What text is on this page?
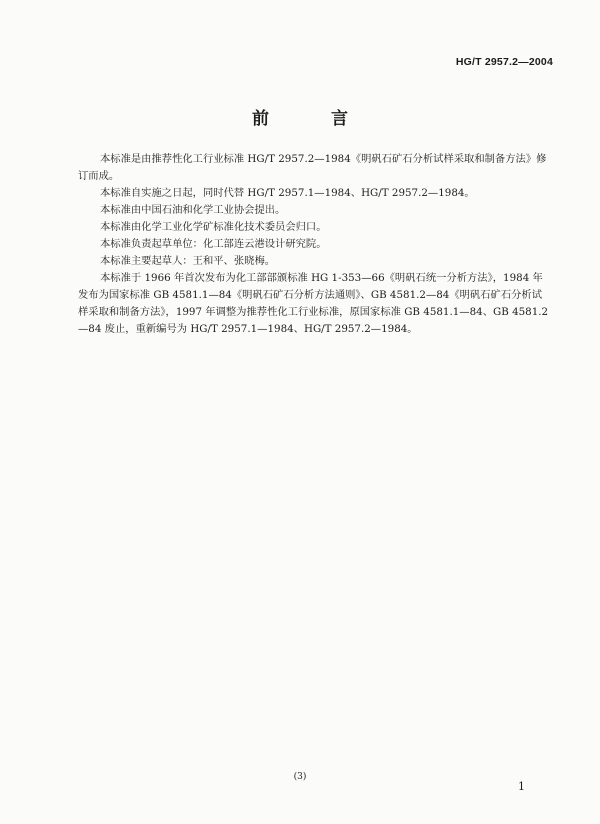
HG/T 2957.2—2004
前 言

本标准是由推荐性化工行业标准 HG/T 2957.2—1984《明矾石矿石分析试样采取和制备方法》修订而成。

本标准自实施之日起，同时代替 HG/T 2957.1—1984、HG/T 2957.2—1984。

本标准由中国石油和化学工业协会提出。

本标准由化学工业化学矿标准化技术委员会归口。

本标准负责起草单位：化工部连云港设计研究院。

本标准主要起草人：王和平、张晓梅。

本标准于 1966 年首次发布为化工部部颁标准 HG 1-353—66《明矾石统一分析方法》，1984 年发布为国家标准 GB 4581.1—84《明矾石矿石分析方法通则》、GB 4581.2—84《明矾石矿石分析试样采取和制备方法》，1997 年调整为推荐性化工行业标准，原国家标准 GB 4581.1—84、GB 4581.2—84 废止，重新编号为 HG/T 2957.1—1984、HG/T 2957.2—1984。

(3)
1
